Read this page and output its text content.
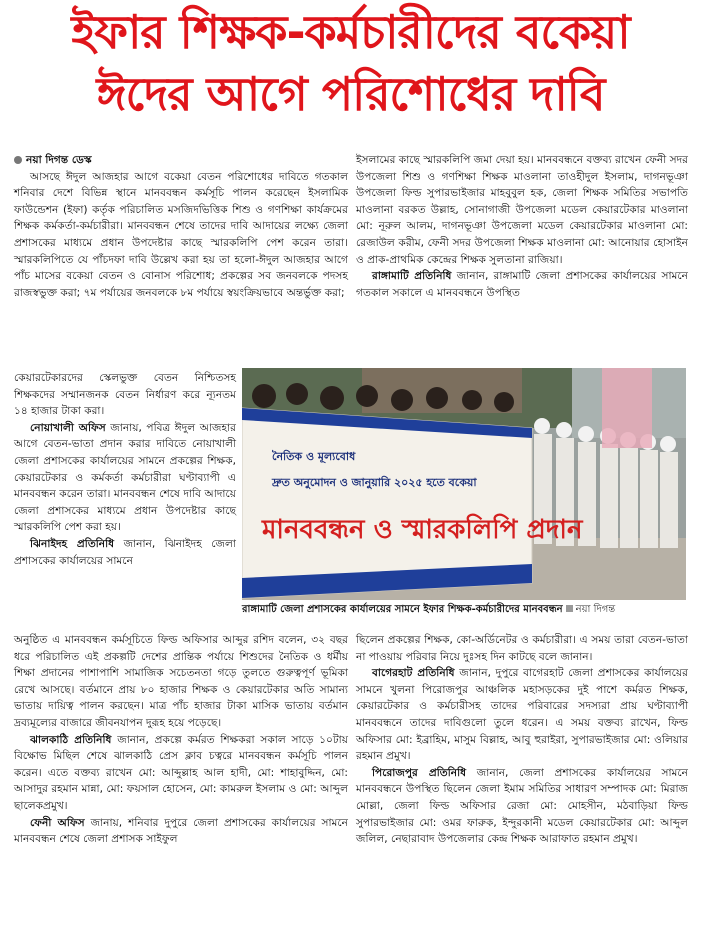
ইফার শিক্ষক-কর্মচারীদের বকেয়া
ঈদের আগে পরিশোধের দাবি

নয়া দিগন্ত ডেস্ক

আসছে ঈদুল আজহার আগে বকেয়া বেতন পরিশোধের দাবিতে গতকাল শনিবার দেশে বিভিন্ন স্থানে মানববন্ধন কর্মসূচি পালন করেছেন ইসলামিক ফাউন্ডেশন (ইফা) কর্তৃক পরিচালিত মসজিদভিত্তিক শিশু ও গণশিক্ষা কার্যক্রমের শিক্ষক কর্মকর্তা-কর্মচারীরা। মানববন্ধন শেষে তাদের দাবি আদায়ের লক্ষ্যে জেলা প্রশাসকের মাধ্যমে প্রধান উপদেষ্টার কাছে স্মারকলিপি পেশ করেন তারা। স্মারকলিপিতে যে পাঁচদফা দাবি উল্লেখ করা হয় তা হলো-ঈদুল আজহার আগে পাঁচ মাসের বকেয়া বেতন ও বোনাস পরিশোধ; প্রকল্পের সব জনবলকে পদসহ রাজস্বভুক্ত করা; ৭ম পর্যায়ের জনবলকে ৮ম পর্যায়ে স্বয়ংক্রিয়ভাবে অন্তর্ভুক্ত করা;

ইসলামের কাছে স্মারকলিপি জমা দেয়া হয়। মানববন্ধনে বক্তব্য রাখেন ফেনী সদর উপজেলা শিশু ও গণশিক্ষা শিক্ষক মাওলানা তাওহীদুল ইসলাম, দাগনভূঞা উপজেলা ফিল্ড সুপারভাইজার মাহবুবুল হক, জেলা শিক্ষক সমিতির সভাপতি মাওলানা বরকত উল্লাহ, সোনাগাজী উপজেলা মডেল কেয়ারটেকার মাওলানা মো: নূরুল আলম, দাগনভূঞা উপজেলা মডেল কেয়ারটেকার মাওলানা মো: রেজাউল করীম, ফেনী সদর উপজেলা শিক্ষক মাওলানা মো: আনোয়ার হোসাইন ও প্রাক-প্রাথমিক কেন্দ্রের শিক্ষক সুলতানা রাজিয়া।

রাঙ্গামাটি প্রতিনিধি জানান, রাঙ্গামাটি জেলা প্রশাসকের কার্যালয়ের সামনে গতকাল সকালে এ মানববন্ধনে উপস্থিত

কেয়ারটেকারদের স্কেলভুক্ত বেতন নিশ্চিতসহ শিক্ষকদের সম্মানজনক বেতন নির্ধারণ করে ন্যূনতম ১৪ হাজার টাকা করা।

নোয়াখালী অফিস জানায়, পবিত্র ঈদুল আজহার আগে বেতন-ভাতা প্রদান করার দাবিতে নোয়াখালী জেলা প্রশাসকের কার্যালয়ের সামনে প্রকল্পের শিক্ষক, কেয়ারটেকার ও কর্মকর্তা কর্মচারীরা ঘণ্টাব্যাপী এ মানববন্ধন করেন তারা। মানববন্ধন শেষে দাবি আদায়ে জেলা প্রশাসকের মাধ্যমে প্রধান উপদেষ্টার কাছে স্মারকলিপি পেশ করা হয়।

ঝিনাইদহ প্রতিনিধি জানান, ঝিনাইদহ জেলা প্রশাসকের কার্যালয়ের সামনে

নৈতিক ও মূল্যবোধ
দ্রুত অনুমোদন ও জানুয়ারি ২০২৫ হতে বকেয়া
মানববন্ধন ও স্মারকলিপি প্রদান
রাঙ্গামাটি জেলা প্রশাসকের কার্যালয়ের সামনে ইফার শিক্ষক-কর্মচারীদের মানববন্ধন নয়া দিগন্ত

অনুষ্ঠিত এ মানববন্ধন কর্মসূচিতে ফিল্ড অফিসার আব্দুর রশিদ বলেন, ৩২ বছর ধরে পরিচালিত এই প্রকল্পটি দেশের প্রান্তিক পর্যায়ে শিশুদের নৈতিক ও ধর্মীয় শিক্ষা প্রদানের পাশাপাশি সামাজিক সচেতনতা গড়ে তুলতে গুরুত্বপূর্ণ ভূমিকা রেখে আসছে। বর্তমানে প্রায় ৮০ হাজার শিক্ষক ও কেয়ারটেকার অতি সামান্য ভাতায় দায়িত্ব পালন করছেন। মাত্র পাঁচ হাজার টাকা মাসিক ভাতায় বর্তমান দ্রব্যমূল্যের বাজারে জীবনযাপন দুরূহ হয়ে পড়েছে।

ঝালকাঠি প্রতিনিধি জানান, প্রকল্পে কর্মরত শিক্ষকরা সকাল সাড়ে ১০টায় বিক্ষোভ মিছিল শেষে ঝালকাঠি প্রেস ক্লাব চত্বরে মানববন্ধন কর্মসূচি পালন করেন। এতে বক্তব্য রাখেন মো: আব্দুল্লাহ আল হাদী, মো: শাহাবুদ্দিন, মো: আসাদুর রহমান মান্না, মো: ফয়সাল হোসেন, মো: কামরুল ইসলাম ও মো: আব্দুল ছালেকপ্রমুখ।

ফেনী অফিস জানায়, শনিবার দুপুরে জেলা প্রশাসকের কার্যালয়ের সামনে মানববন্ধন শেষে জেলা প্রশাসক সাইফুল

ছিলেন প্রকল্পের শিক্ষক, কো-অর্ডিনেটর ও কর্মচারীরা। এ সময় তারা বেতন-ভাতা না পাওয়ায় পরিবার নিয়ে দুঃসহ দিন কাটছে বলে জানান।

বাগেরহাট প্রতিনিধি জানান, দুপুরে বাগেরহাট জেলা প্রশাসকের কার্যালয়ের সামনে খুলনা পিরোজপুর আঞ্চলিক মহাসড়কের দুই পাশে কর্মরত শিক্ষক, কেয়ারটেকার ও কর্মচারীসহ তাদের পরিবারের সদস্যরা প্রায় ঘণ্টাব্যাপী মানববন্ধনে তাদের দাবিগুলো তুলে ধরেন। এ সময় বক্তব্য রাখেন, ফিল্ড অফিসার মো: ইব্রাহিম, মাসুম বিল্লাহ, আবু হুরাইরা, সুপারভাইজার মো: ওলিয়ার রহমান প্রমুখ।

পিরোজপুর প্রতিনিধি জানান, জেলা প্রশাসকের কার্যালয়ের সামনে মানববন্ধনে উপস্থিত ছিলেন জেলা ইমাম সমিতির সাধারণ সম্পাদক মো: মিরাজ মোল্লা, জেলা ফিল্ড অফিসার রেজা মো: মোহসীন, মঠবাড়িয়া ফিল্ড সুপারভাইজার মো: ওমর ফারুক, ইন্দুরকানী মডেল কেয়ারটেকার মো: আব্দুল জলিল, নেছারাবাদ উপজেলার কেন্দ্র শিক্ষক আরাফাত রহমান প্রমুখ।
